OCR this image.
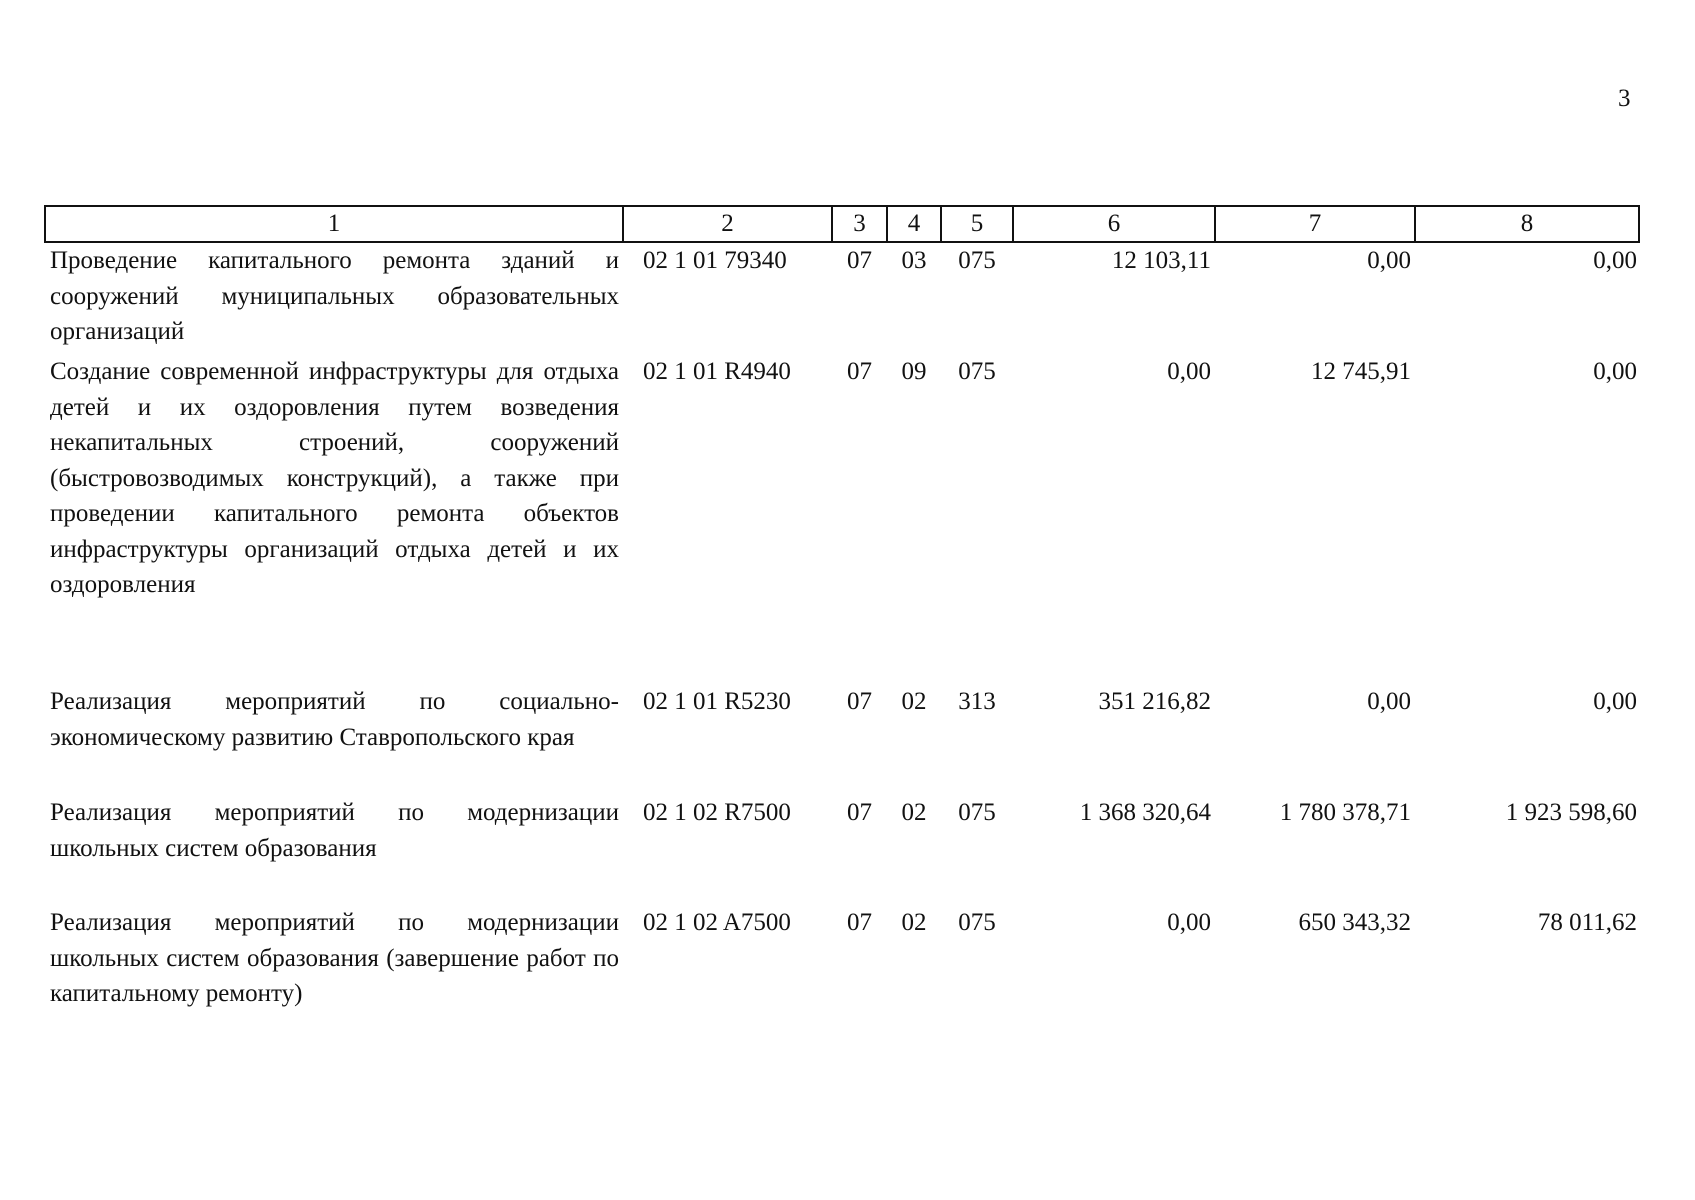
3
1	2	3	4	5	6	7	8
Проведение капитального ремонта зданий и сооружений муниципальных образовательных организаций	02 1 01 79340	07	03	075	12 103,11	0,00	0,00
Создание современной инфраструктуры для отдыха детей и их оздоровления путем возведения некапитальных строений, сооружений (быстровозводимых конструкций), а также при проведении капитального ремонта объектов инфраструктуры организаций отдыха детей и их оздоровления	02 1 01 R4940	07	09	075	0,00	12 745,91	0,00
Реализация мероприятий по социально-экономическому развитию Ставропольского края	02 1 01 R5230	07	02	313	351 216,82	0,00	0,00
Реализация мероприятий по модернизации школьных систем образования	02 1 02 R7500	07	02	075	1 368 320,64	1 780 378,71	1 923 598,60
Реализация мероприятий по модернизации школьных систем образования (завершение работ по капитальному ремонту)	02 1 02 A7500	07	02	075	0,00	650 343,32	78 011,62
